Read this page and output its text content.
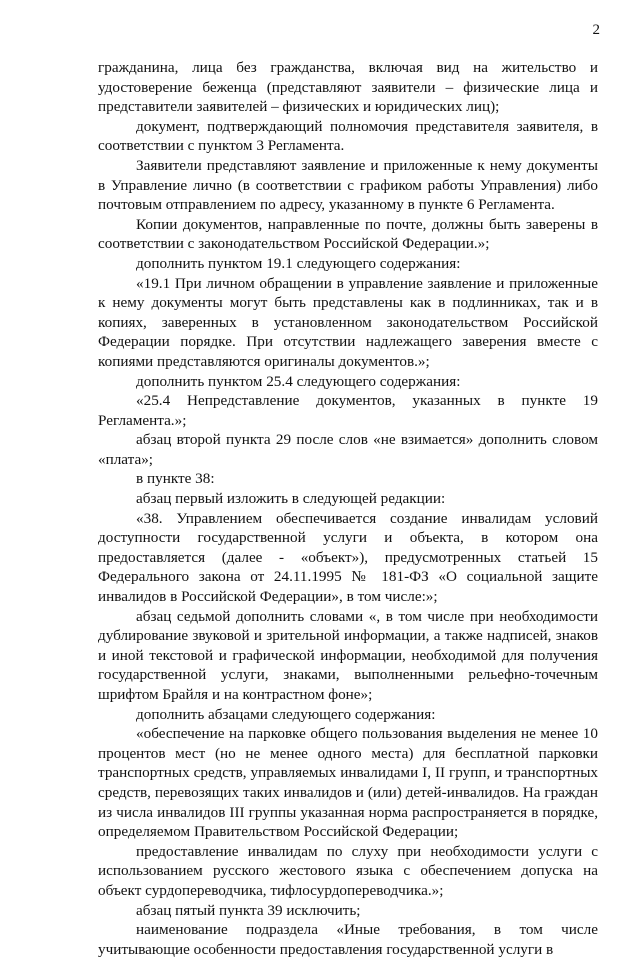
2

гражданина, лица без гражданства, включая вид на жительство и удостоверение беженца (представляют заявители – физические лица и представители заявителей – физических и юридических лиц);

документ, подтверждающий полномочия представителя заявителя, в соответствии с пунктом 3 Регламента.

Заявители представляют заявление и приложенные к нему документы в Управление лично (в соответствии с графиком работы Управления) либо почтовым отправлением по адресу, указанному в пункте 6 Регламента.

Копии документов, направленные по почте, должны быть заверены в соответствии с законодательством Российской Федерации.»;

дополнить пунктом 19.1 следующего содержания:

«19.1 При личном обращении в управление заявление и приложенные к нему документы могут быть представлены как в подлинниках, так и в копиях, заверенных в установленном законодательством Российской Федерации порядке. При отсутствии надлежащего заверения вместе с копиями представляются оригиналы документов.»;

дополнить пунктом 25.4 следующего содержания:

«25.4 Непредставление документов, указанных в пункте 19 Регламента.»;

абзац второй пункта 29 после слов «не взимается» дополнить словом «плата»;

в пункте 38:

абзац первый изложить в следующей редакции:

«38. Управлением обеспечивается создание инвалидам условий доступности государственной услуги и объекта, в котором она предоставляется (далее - «объект»), предусмотренных статьей 15 Федерального закона от 24.11.1995 № 181-ФЗ «О социальной защите инвалидов в Российской Федерации», в том числе:»;

абзац седьмой дополнить словами «, в том числе при необходимости дублирование звуковой и зрительной информации, а также надписей, знаков и иной текстовой и графической информации, необходимой для получения государственной услуги, знаками, выполненными рельефно-точечным шрифтом Брайля и на контрастном фоне»;

дополнить абзацами следующего содержания:

«обеспечение на парковке общего пользования выделения не менее 10 процентов мест (но не менее одного места) для бесплатной парковки транспортных средств, управляемых инвалидами I, II групп, и транспортных средств, перевозящих таких инвалидов и (или) детей-инвалидов. На граждан из числа инвалидов III группы указанная норма распространяется в порядке, определяемом Правительством Российской Федерации;

предоставление инвалидам по слуху при необходимости услуги с использованием русского жестового языка с обеспечением допуска на объект сурдопереводчика, тифлосурдопереводчика.»;

абзац пятый пункта 39 исключить;

наименование подраздела «Иные требования, в том числе учитывающие особенности предоставления государственной услуги в
